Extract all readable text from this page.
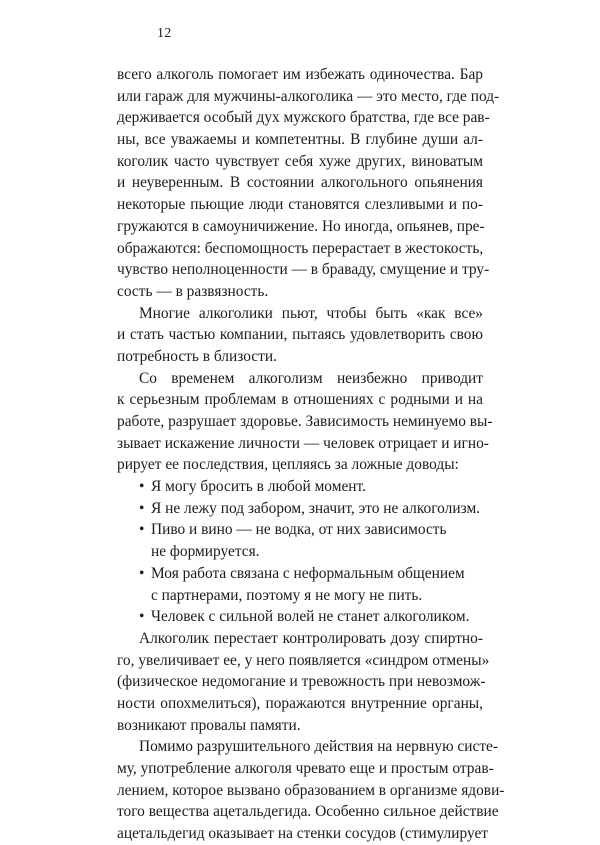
12
всего алкоголь помогает им избежать одиночества. Бар
или гараж для мужчины-алкоголика — это место, где под-
держивается особый дух мужского братства, где все рав-
ны, все уважаемы и компетентны. В глубине души ал-
коголик часто чувствует себя хуже других, виноватым
и неуверенным. В состоянии алкогольного опьянения
некоторые пьющие люди становятся слезливыми и по-
гружаются в самоуничижение. Но иногда, опьянев, пре-
ображаются: беспомощность перерастает в жестокость,
чувство неполноценности — в браваду, смущение и тру-
сость — в развязность.
Многие алкоголики пьют, чтобы быть «как все»
и стать частью компании, пытаясь удовлетворить свою
потребность в близости.
Со временем алкоголизм неизбежно приводит
к серьезным проблемам в отношениях с родными и на
работе, разрушает здоровье. Зависимость неминуемо вы-
зывает искажение личности — человек отрицает и игно-
рирует ее последствия, цепляясь за ложные доводы:
• Я могу бросить в любой момент.
• Я не лежу под забором, значит, это не алкоголизм.
• Пиво и вино — не водка, от них зависимость
не формируется.
• Моя работа связана с неформальным общением
с партнерами, поэтому я не могу не пить.
• Человек с сильной волей не станет алкоголиком.
Алкоголик перестает контролировать дозу спиртно-
го, увеличивает ее, у него появляется «синдром отмены»
(физическое недомогание и тревожность при невозмож-
ности опохмелиться), поражаются внутренние органы,
возникают провалы памяти.
Помимо разрушительного действия на нервную систе-
му, употребление алкоголя чревато еще и простым отрав-
лением, которое вызвано образованием в организме ядови-
того вещества ацетальдегида. Особенно сильное действие
ацетальдегид оказывает на стенки сосудов (стимулирует
